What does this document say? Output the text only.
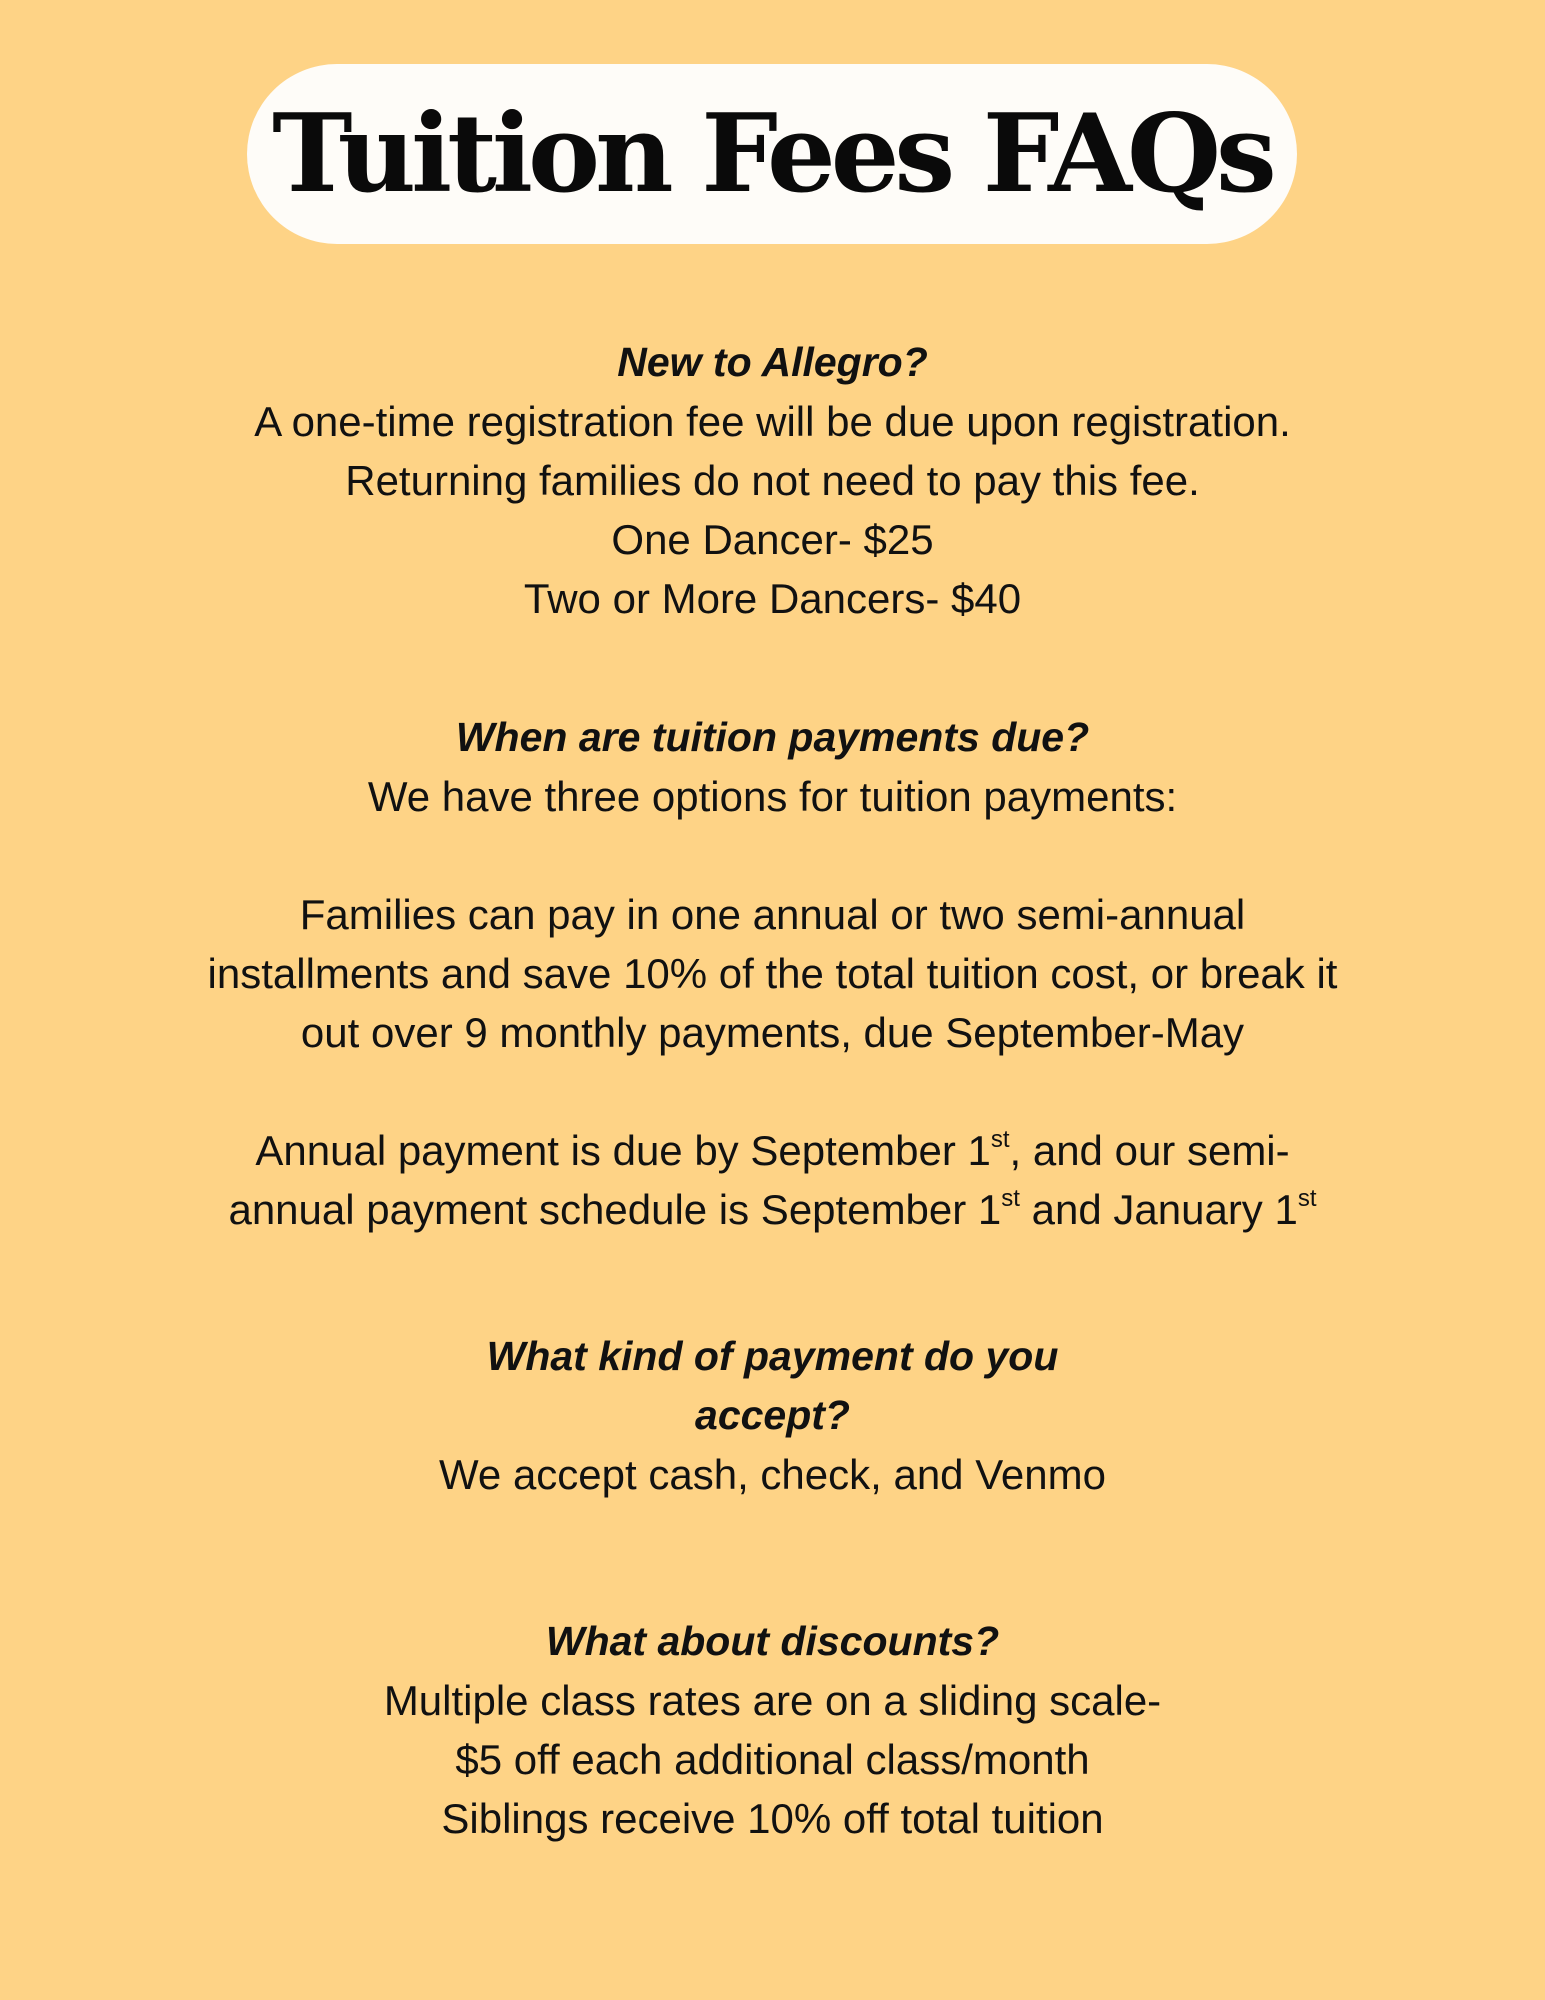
Tuition Fees FAQs
New to Allegro?
A one-time registration fee will be due upon registration.
Returning families do not need to pay this fee.
One Dancer- $25
Two or More Dancers- $40
When are tuition payments due?
We have three options for tuition payments:
Families can pay in one annual or two semi-annual
installments and save 10% of the total tuition cost, or break it
out over 9 monthly payments, due September-May
Annual payment is due by September 1st, and our semi-
annual payment schedule is September 1st and January 1st
What kind of payment do you
accept?
We accept cash, check, and Venmo
What about discounts?
Multiple class rates are on a sliding scale-
$5 off each additional class/month
Siblings receive 10% off total tuition
